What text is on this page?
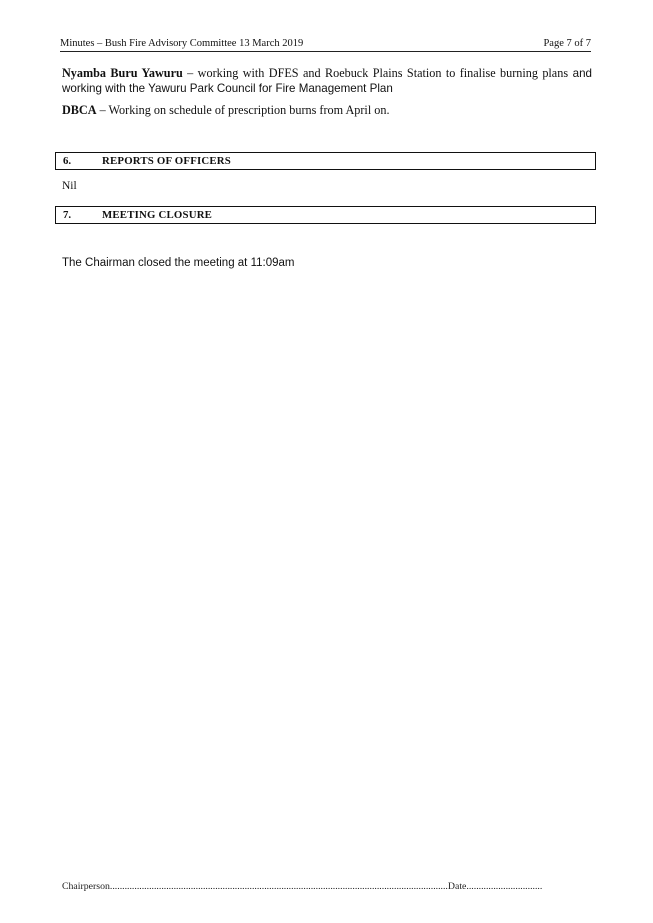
Minutes – Bush Fire Advisory Committee 13 March 2019	Page 7 of 7
Nyamba Buru Yawuru – working with DFES and Roebuck Plains Station to finalise burning plans and working with the Yawuru Park Council for Fire Management Plan
DBCA – Working on schedule of prescription burns from April on.
6.	REPORTS OF OFFICERS
Nil
7.	MEETING CLOSURE
The Chairman closed the meeting at 11:09am
Chairperson..........................................................................................................................................Date...............................
